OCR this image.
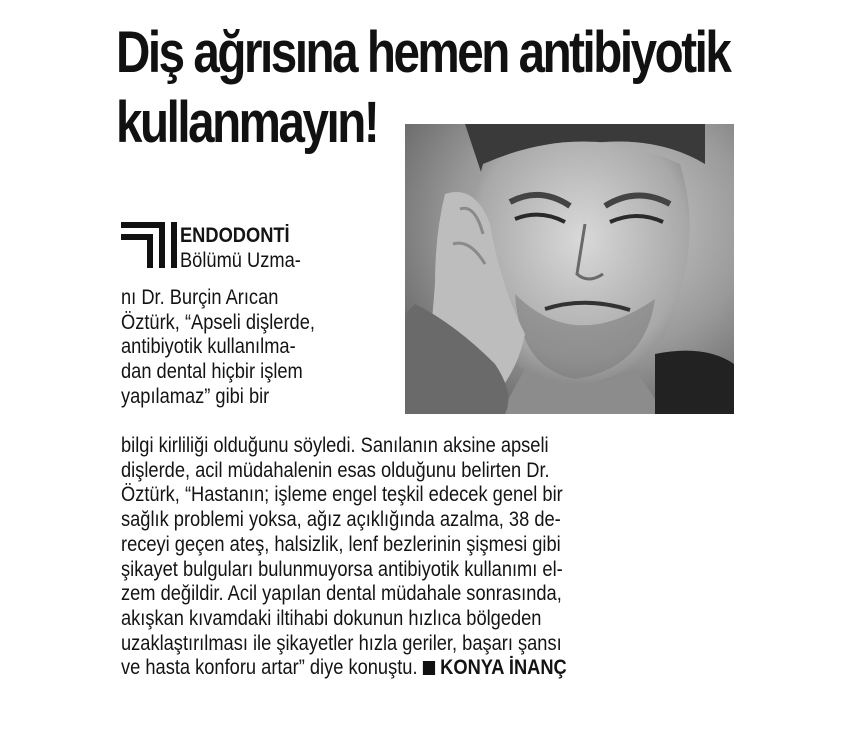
Diş ağrısına hemen antibiyotik
kullanmayın!
ENDODONTİ
Bölümü Uzma-
nı Dr. Burçin Arıcan
Öztürk, “Apseli dişlerde,
antibiyotik kullanılma-
dan dental hiçbir işlem
yapılamaz” gibi bir
bilgi kirliliği olduğunu söyledi. Sanılanın aksine apseli
dişlerde, acil müdahalenin esas olduğunu belirten Dr.
Öztürk, “Hastanın; işleme engel teşkil edecek genel bir
sağlık problemi yoksa, ağız açıklığında azalma, 38 de-
receyi geçen ateş, halsizlik, lenf bezlerinin şişmesi gibi
şikayet bulguları bulunmuyorsa antibiyotik kullanımı el-
zem değildir. Acil yapılan dental müdahale sonrasında,
akışkan kıvamdaki iltihabi dokunun hızlıca bölgeden
uzaklaştırılması ile şikayetler hızla geriler, başarı şansı
ve hasta konforu artar” diye konuştu. KONYA İNANÇ
